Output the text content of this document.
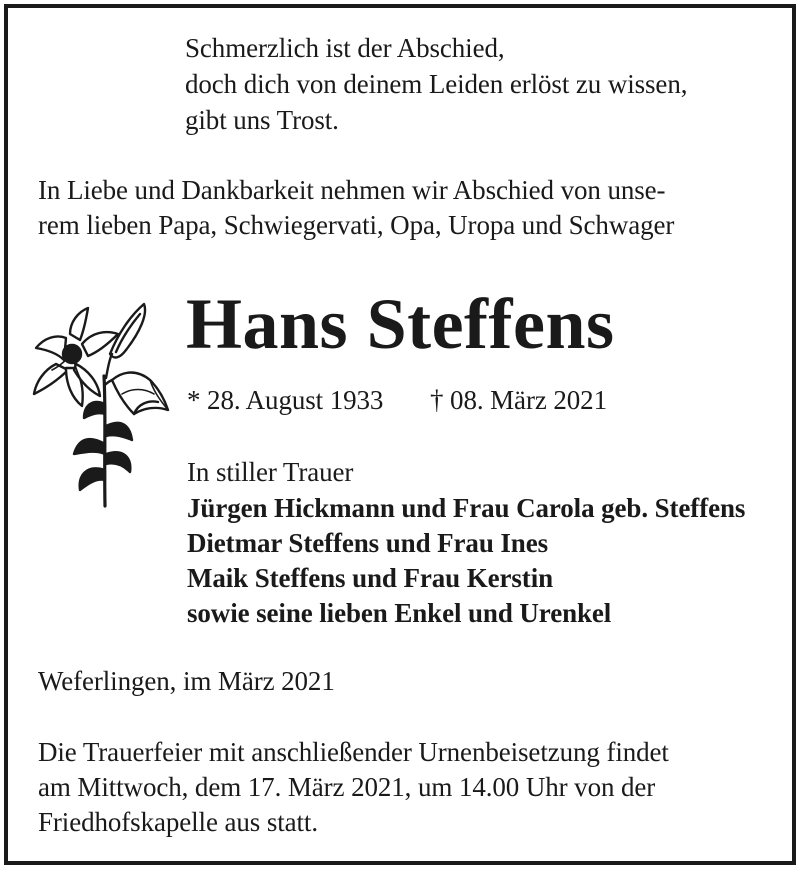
Schmerzlich ist der Abschied,
doch dich von deinem Leiden erlöst zu wissen,
gibt uns Trost.
In Liebe und Dankbarkeit nehmen wir Abschied von unse-
rem lieben Papa, Schwiegervati, Opa, Uropa und Schwager
Hans Steffens
* 28. August 1933 † 08. März 2021
In stiller Trauer
Jürgen Hickmann und Frau Carola geb. Steffens
Dietmar Steffens und Frau Ines
Maik Steffens und Frau Kerstin
sowie seine lieben Enkel und Urenkel
Weferlingen, im März 2021
Die Trauerfeier mit anschließender Urnenbeisetzung findet
am Mittwoch, dem 17. März 2021, um 14.00 Uhr von der
Friedhofskapelle aus statt.
